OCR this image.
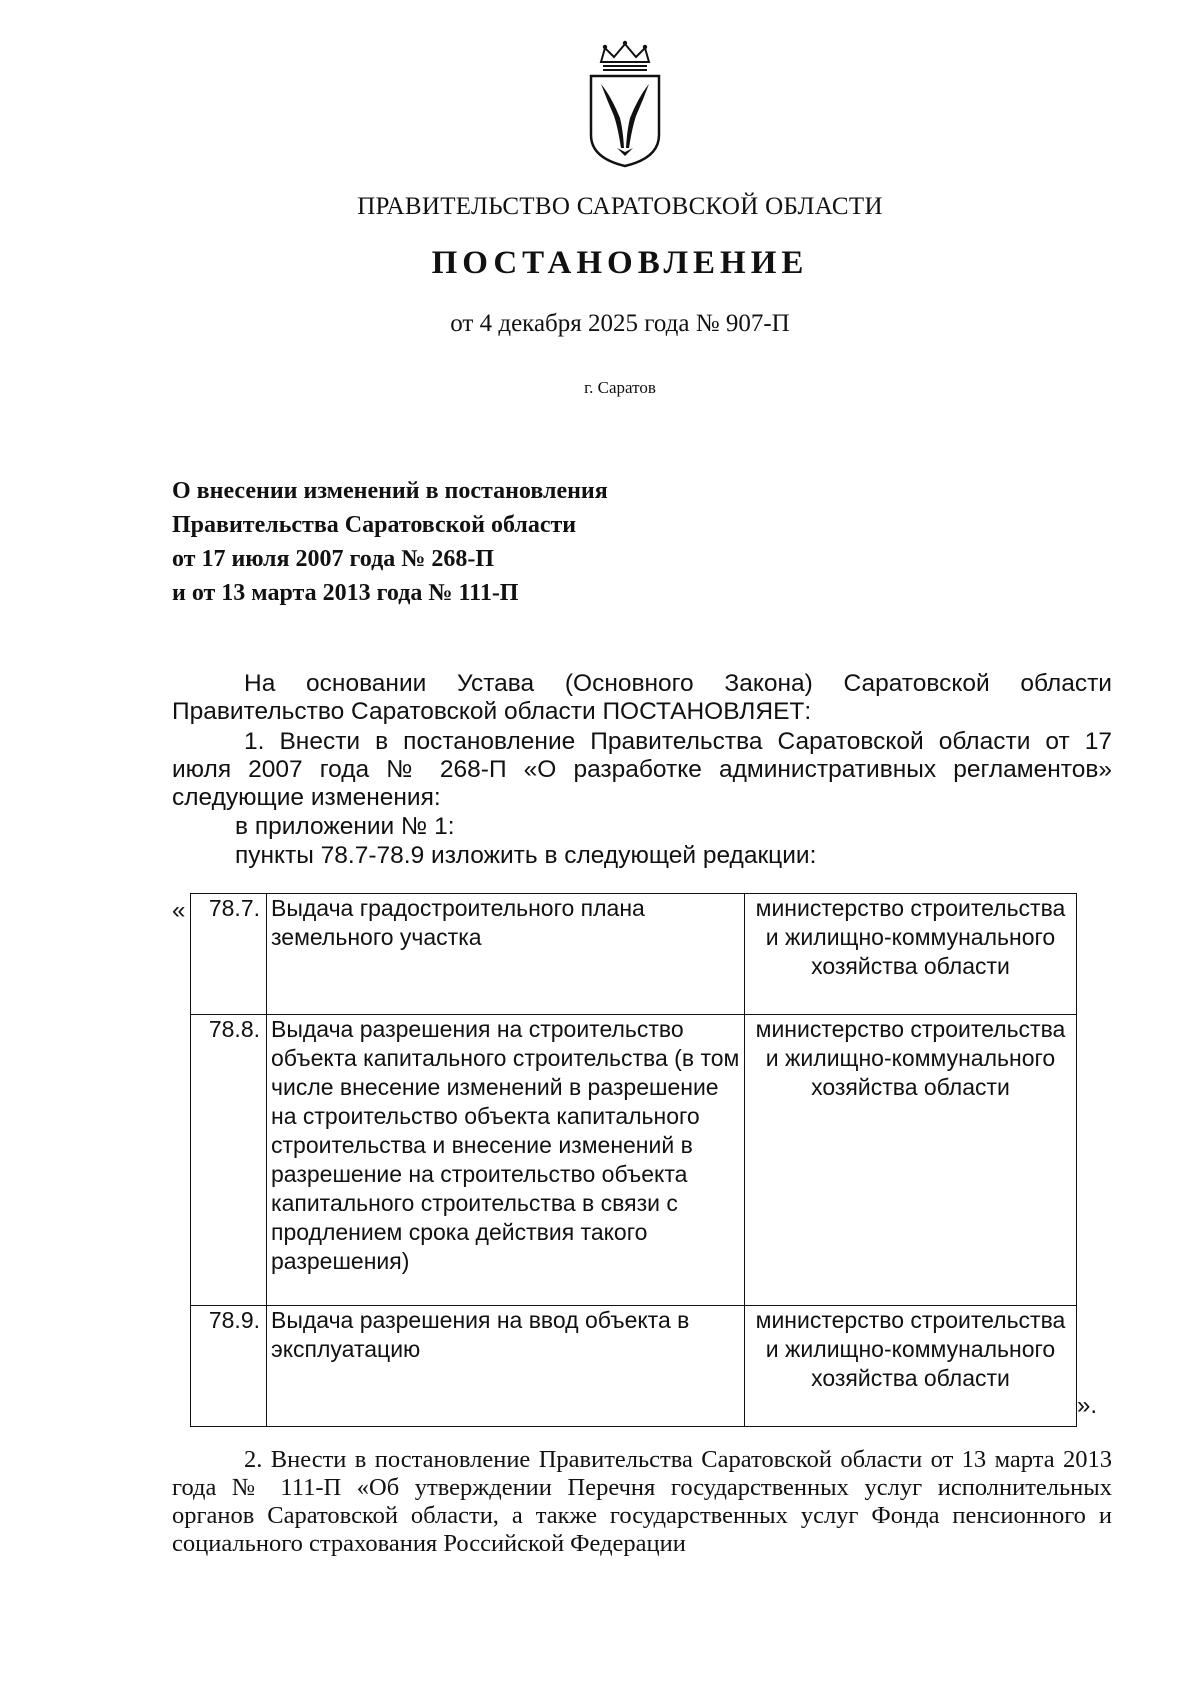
ПРАВИТЕЛЬСТВО САРАТОВСКОЙ ОБЛАСТИ
ПОСТАНОВЛЕНИЕ
от 4 декабря 2025 года № 907-П
г. Саратов
О внесении изменений в постановления
Правительства Саратовской области
от 17 июля 2007 года № 268-П
и от 13 марта 2013 года № 111-П
На основании Устава (Основного Закона) Саратовской области Правительство Саратовской области ПОСТАНОВЛЯЕТ:
1. Внести в постановление Правительства Саратовской области от 17 июля 2007 года № 268-П «О разработке административных регламентов» следующие изменения:
в приложении № 1:
пункты 78.7-78.9 изложить в следующей редакции:
« 78.7.	Выдача градостроительного плана земельного участка	министерство строительства и жилищно-коммунального хозяйства области
78.8.	Выдача разрешения на строительство объекта капитального строительства (в том числе внесение изменений в разрешение на строительство объекта капитального строительства и внесение изменений в разрешение на строительство объекта капитального строительства в связи с продлением срока действия такого разрешения)	министерство строительства и жилищно-коммунального хозяйства области
78.9.	Выдача разрешения на ввод объекта в эксплуатацию	министерство строительства и жилищно-коммунального хозяйства области
».
2. Внести в постановление Правительства Саратовской области от 13 марта 2013 года № 111-П «Об утверждении Перечня государственных услуг исполнительных органов Саратовской области, а также государственных услуг Фонда пенсионного и социального страхования Российской Федерации
